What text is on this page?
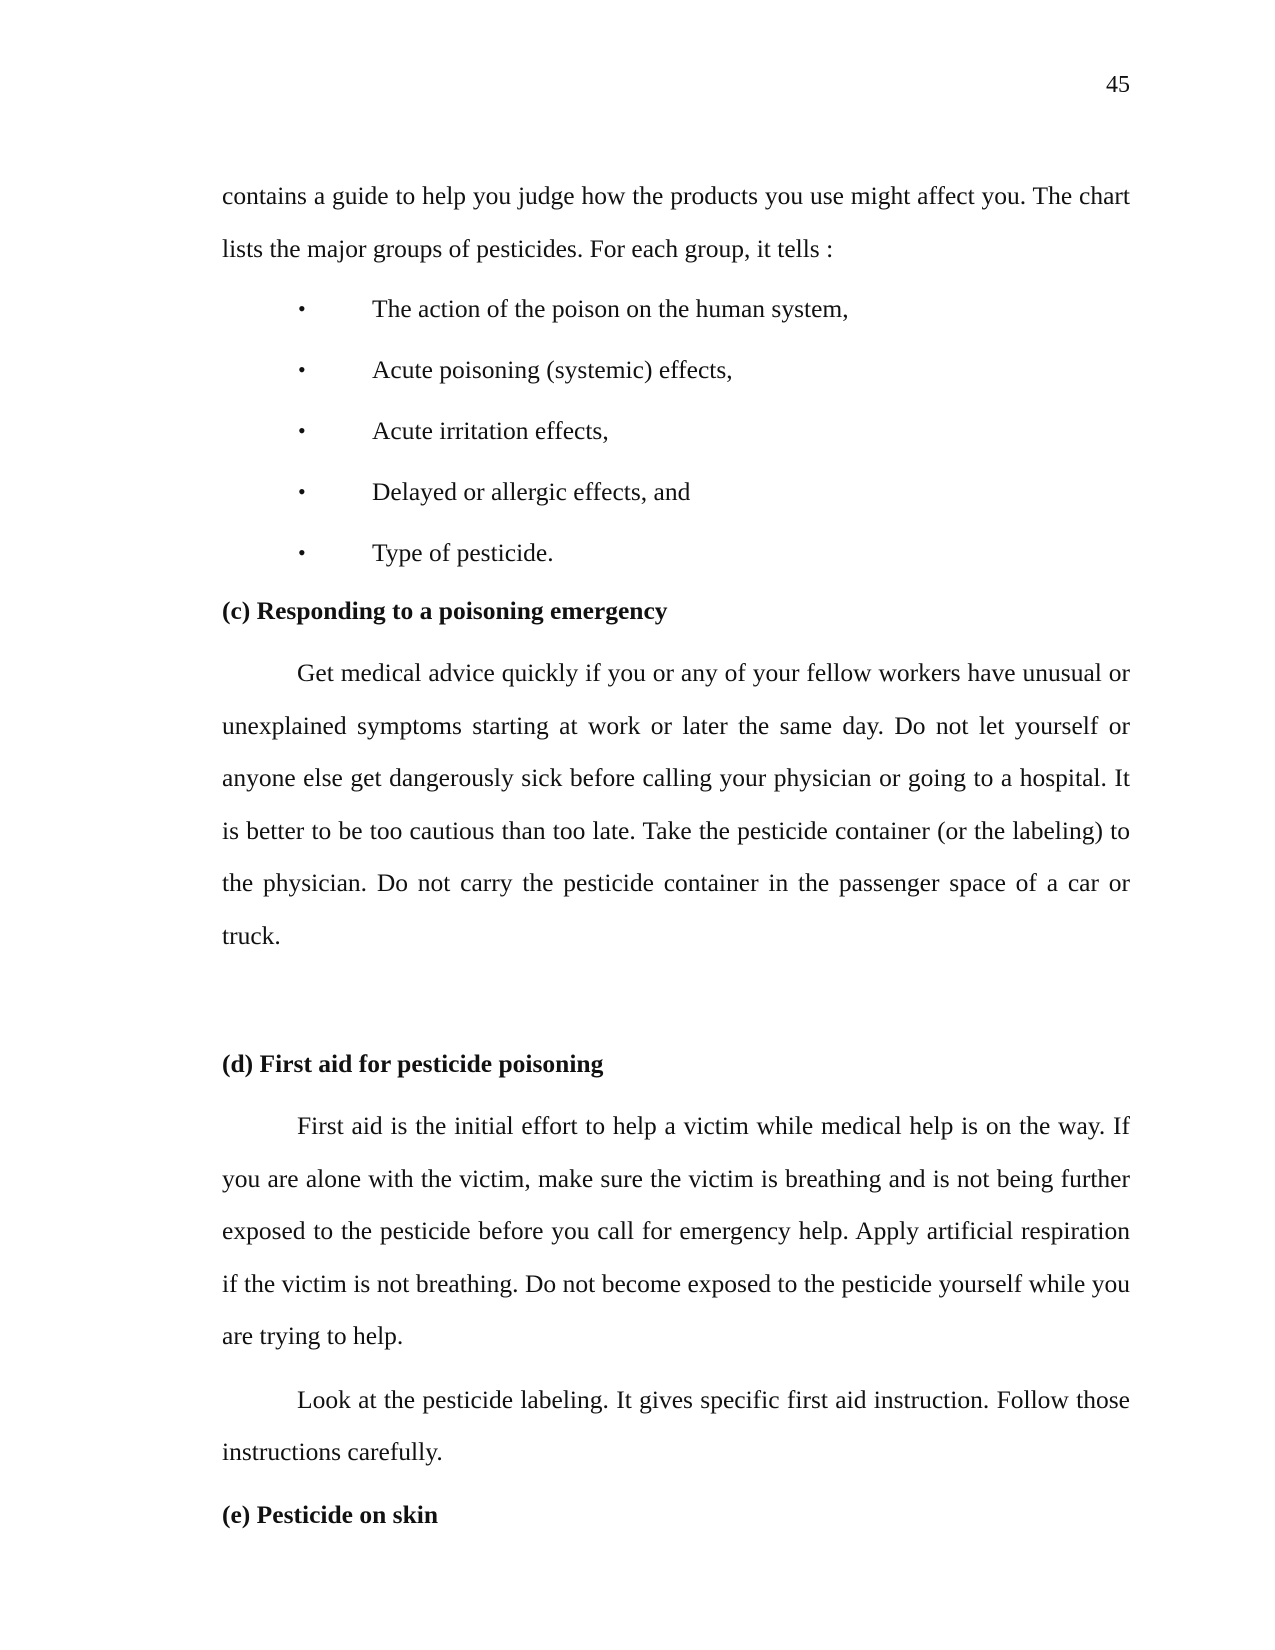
45

contains a guide to help you judge how the products you use might affect you. The chart lists the major groups of pesticides. For each group, it tells :

•	The action of the poison on the human system,
•	Acute poisoning (systemic) effects,
•	Acute irritation effects,
•	Delayed or allergic effects, and
•	Type of pesticide.
(c) Responding to a poisoning emergency

Get medical advice quickly if you or any of your fellow workers have unusual or unexplained symptoms starting at work or later the same day. Do not let yourself or anyone else get dangerously sick before calling your physician or going to a hospital. It is better to be too cautious than too late. Take the pesticide container (or the labeling) to the physician. Do not carry the pesticide container in the passenger space of a car or truck.

(d) First aid for pesticide poisoning

First aid is the initial effort to help a victim while medical help is on the way. If you are alone with the victim, make sure the victim is breathing and is not being further exposed to the pesticide before you call for emergency help. Apply artificial respiration if the victim is not breathing. Do not become exposed to the pesticide yourself while you are trying to help.

Look at the pesticide labeling. It gives specific first aid instruction. Follow those instructions carefully.

(e) Pesticide on skin
